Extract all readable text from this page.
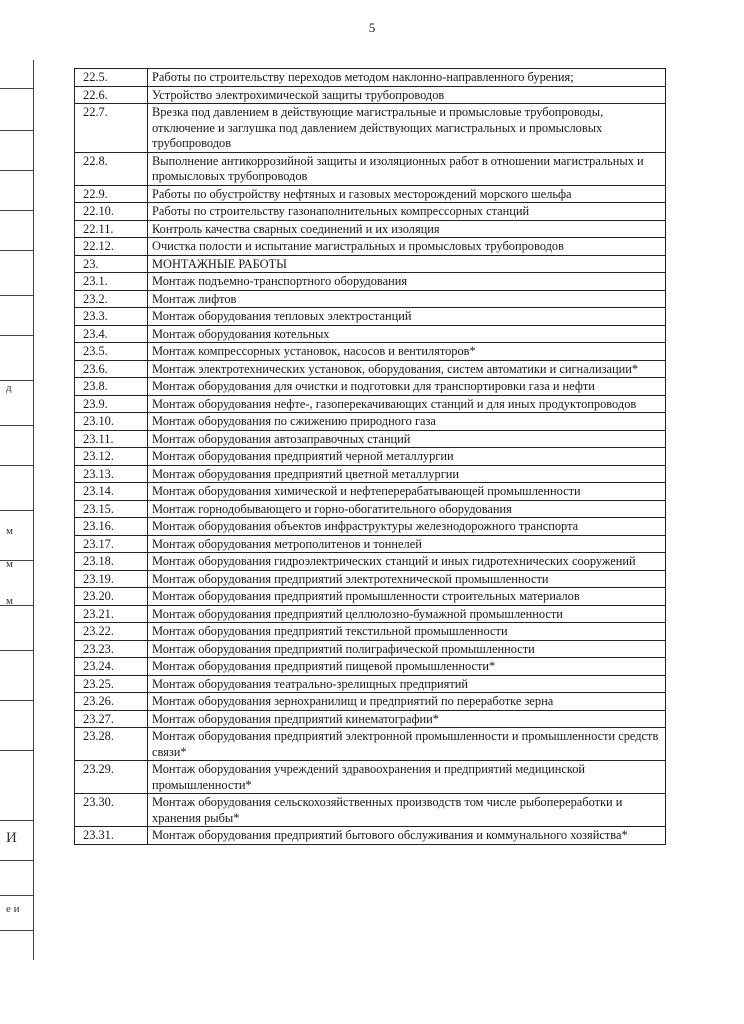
5
д
м
м
м
И
е и
22.5.	Работы по строительству переходов методом наклонно-направленного бурения;
22.6.	Устройство электрохимической защиты трубопроводов
22.7.	Врезка под давлением в действующие магистральные и промысловые трубопроводы, отключение и заглушка под давлением действующих магистральных и промысловых трубопроводов
22.8.	Выполнение антикоррозийной защиты и изоляционных работ в отношении магистральных и промысловых трубопроводов
22.9.	Работы по обустройству нефтяных и газовых месторождений морского шельфа
22.10.	Работы по строительству газонаполнительных компрессорных станций
22.11.	Контроль качества сварных соединений и их изоляция
22.12.	Очистка полости и испытание магистральных и промысловых трубопроводов
23.	МОНТАЖНЫЕ РАБОТЫ
23.1.	Монтаж подъемно-транспортного оборудования
23.2.	Монтаж лифтов
23.3.	Монтаж оборудования тепловых электростанций
23.4.	Монтаж оборудования котельных
23.5.	Монтаж компрессорных установок, насосов и вентиляторов*
23.6.	Монтаж электротехнических установок, оборудования, систем автоматики и сигнализации*
23.8.	Монтаж оборудования для очистки и подготовки для транспортировки газа и нефти
23.9.	Монтаж оборудования нефте-, газоперекачивающих станций и для иных продуктопроводов
23.10.	Монтаж оборудования по сжижению природного газа
23.11.	Монтаж оборудования автозаправочных станций
23.12.	Монтаж оборудования предприятий черной металлургии
23.13.	Монтаж оборудования предприятий цветной металлургии
23.14.	Монтаж оборудования химической и нефтеперерабатывающей промышленности
23.15.	Монтаж горнодобывающего и горно-обогатительного оборудования
23.16.	Монтаж оборудования объектов инфраструктуры железнодорожного транспорта
23.17.	Монтаж оборудования метрополитенов и тоннелей
23.18.	Монтаж оборудования гидроэлектрических станций и иных гидротехнических сооружений
23.19.	Монтаж оборудования предприятий электротехнической промышленности
23.20.	Монтаж оборудования предприятий промышленности строительных материалов
23.21.	Монтаж оборудования предприятий целлюлозно-бумажной промышленности
23.22.	Монтаж оборудования предприятий текстильной промышленности
23.23.	Монтаж оборудования предприятий полиграфической промышленности
23.24.	Монтаж оборудования предприятий пищевой промышленности*
23.25.	Монтаж оборудования театрально-зрелищных предприятий
23.26.	Монтаж оборудования зернохранилищ и предприятий по переработке зерна
23.27.	Монтаж оборудования предприятий кинематографии*
23.28.	Монтаж оборудования предприятий электронной промышленности и промышленности средств связи*
23.29.	Монтаж оборудования учреждений здравоохранения и предприятий медицинской промышленности*
23.30.	Монтаж оборудования сельскохозяйственных производств том числе рыбопереработки и хранения рыбы*
23.31.	Монтаж оборудования предприятий бытового обслуживания и коммунального хозяйства*
